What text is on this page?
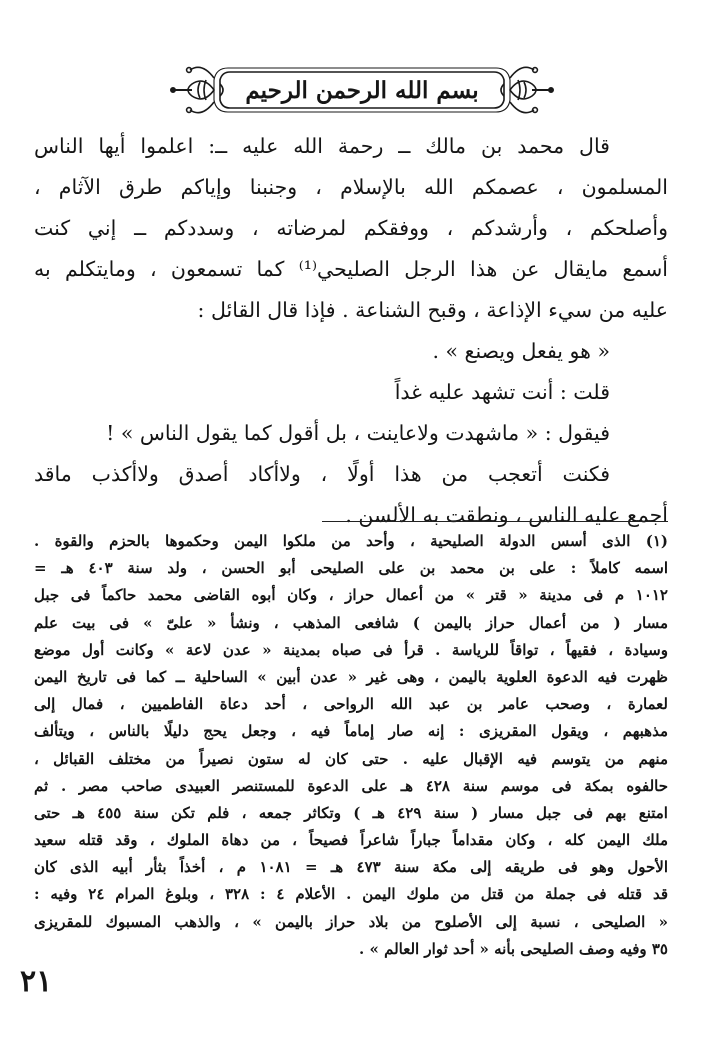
بسم الله الرحمن الرحيم
قال محمد بن مالك ــ رحمة الله عليه ــ: اعلموا أيها الناس
المسلمون ، عصمكم الله بالإسلام ، وجنبنا وإياكم طرق الآثام ،
وأصلحكم ، وأرشدكم ، ووفقكم لمرضاته ، وسددكم ــ إني كنت
أسمع مايقال عن هذا الرجل الصليحي⁽¹⁾ كما تسمعون ، ومايتكلم به
عليه من سيء الإذاعة ، وقبح الشناعة . فإذا قال القائل :
« هو يفعل ويصنع » .
قلت : أنت تشهد عليه غداً
فيقول : « ماشهدت ولاعاينت ، بل أقول كما يقول الناس » !
فكنت أتعجب من هذا أولًا ، ولاأكاد أصدق ولاأكذب ماقد
أجمع عليه الناس ، ونطقت به الألسن .
(١) الذى أسس الدولة الصليحية ، وأحد من ملكوا اليمن وحكموها بالحزم والقوة .
اسمه كاملاً : على بن محمد بن على الصليحى أبو الحسن ، ولد سنة ٤٠٣ هـ =
١٠١٢ م فى مدينة « قتر » من أعمال حراز ، وكان أبوه القاضى محمد حاكماً فى جبل
مسار ( من أعمال حراز باليمن ) شافعى المذهب ، ونشأ « علىّ » فى بيت علم
وسيادة ، فقيهاً ، تواقاً للرياسة . قرأ فى صباه بمدينة « عدن لاعة » وكانت أول موضع
ظهرت فيه الدعوة العلوية باليمن ، وهى غير « عدن أبين » الساحلية ــ كما فى تاريخ اليمن
لعمارة ، وصحب عامر بن عبد الله الرواحى ، أحد دعاة الفاطميين ، فمال إلى
مذهبهم ، ويقول المقريزى : إنه صار إماماً فيه ، وجعل يحج دليلًا بالناس ، ويتألف
منهم من يتوسم فيه الإقبال عليه . حتى كان له ستون نصيراً من مختلف القبائل ،
حالفوه بمكة فى موسم سنة ٤٢٨ هـ على الدعوة للمستنصر العبيدى صاحب مصر . ثم
امتنع بهم فى جبل مسار ( سنة ٤٢٩ هـ ) وتكاثر جمعه ، فلم تكن سنة ٤٥٥ هـ حتى
ملك اليمن كله ، وكان مقداماً جباراً شاعراً فصيحاً ، من دهاة الملوك ، وقد قتله سعيد
الأحول وهو فى طريقه إلى مكة سنة ٤٧٣ هـ = ١٠٨١ م ، أخذاً بثأر أبيه الذى كان
قد قتله فى جملة من قتل من ملوك اليمن . الأعلام ٤ : ٣٢٨ ، وبلوغ المرام ٢٤ وفيه :
« الصليحى ، نسبة إلى الأصلوح من بلاد حراز باليمن » ، والذهب المسبوك للمقريزى
٣٥ وفيه وصف الصليحى بأنه « أحد ثوار العالم » .
٢١
